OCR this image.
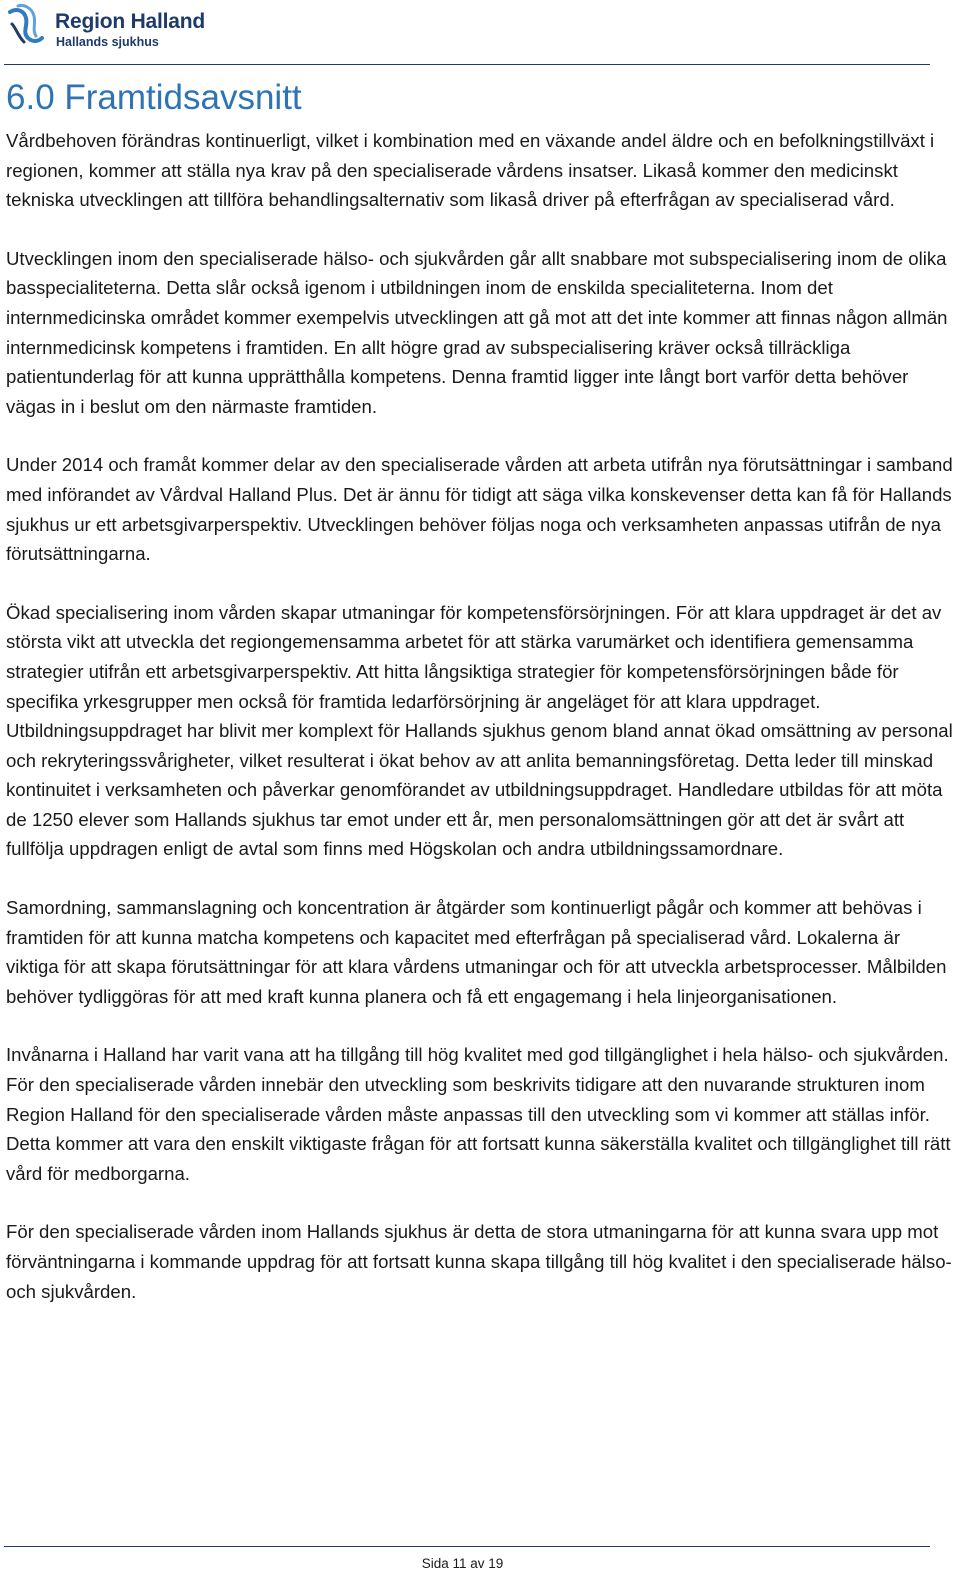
Region Halland
Hallands sjukhus
6.0 Framtidsavsnitt

Vårdbehoven förändras kontinuerligt, vilket i kombination med en växande andel äldre och en befolkningstillväxt i regionen, kommer att ställa nya krav på den specialiserade vårdens insatser. Likaså kommer den medicinskt tekniska utvecklingen att tillföra behandlingsalternativ som likaså driver på efterfrågan av specialiserad vård.

Utvecklingen inom den specialiserade hälso- och sjukvården går allt snabbare mot subspecialisering inom de olika basspecialiteterna. Detta slår också igenom i utbildningen inom de enskilda specialiteterna. Inom det internmedicinska området kommer exempelvis utvecklingen att gå mot att det inte kommer att finnas någon allmän internmedicinsk kompetens i framtiden. En allt högre grad av subspecialisering kräver också tillräckliga patientunderlag för att kunna upprätthålla kompetens. Denna framtid ligger inte långt bort varför detta behöver vägas in i beslut om den närmaste framtiden.

Under 2014 och framåt kommer delar av den specialiserade vården att arbeta utifrån nya förutsättningar i samband med införandet av Vårdval Halland Plus. Det är ännu för tidigt att säga vilka konskevenser detta kan få för Hallands sjukhus ur ett arbetsgivarperspektiv. Utvecklingen behöver följas noga och verksamheten anpassas utifrån de nya förutsättningarna.

Ökad specialisering inom vården skapar utmaningar för kompetensförsörjningen. För att klara uppdraget är det av största vikt att utveckla det regiongemensamma arbetet för att stärka varumärket och identifiera gemensamma strategier utifrån ett arbetsgivarperspektiv. Att hitta långsiktiga strategier för kompetensförsörjningen både för specifika yrkesgrupper men också för framtida ledarförsörjning är angeläget för att klara uppdraget.

Utbildningsuppdraget har blivit mer komplext för Hallands sjukhus genom bland annat ökad omsättning av personal och rekryteringssvårigheter, vilket resulterat i ökat behov av att anlita bemanningsföretag. Detta leder till minskad kontinuitet i verksamheten och påverkar genomförandet av utbildningsuppdraget. Handledare utbildas för att möta de 1250 elever som Hallands sjukhus tar emot under ett år, men personalomsättningen gör att det är svårt att fullfölja uppdragen enligt de avtal som finns med Högskolan och andra utbildningssamordnare.

Samordning, sammanslagning och koncentration är åtgärder som kontinuerligt pågår och kommer att behövas i framtiden för att kunna matcha kompetens och kapacitet med efterfrågan på specialiserad vård. Lokalerna är viktiga för att skapa förutsättningar för att klara vårdens utmaningar och för att utveckla arbetsprocesser. Målbilden behöver tydliggöras för att med kraft kunna planera och få ett engagemang i hela linjeorganisationen.

Invånarna i Halland har varit vana att ha tillgång till hög kvalitet med god tillgänglighet i hela hälso- och sjukvården. För den specialiserade vården innebär den utveckling som beskrivits tidigare att den nuvarande strukturen inom Region Halland för den specialiserade vården måste anpassas till den utveckling som vi kommer att ställas inför. Detta kommer att vara den enskilt viktigaste frågan för att fortsatt kunna säkerställa kvalitet och tillgänglighet till rätt vård för medborgarna.

För den specialiserade vården inom Hallands sjukhus är detta de stora utmaningarna för att kunna svara upp mot förväntningarna i kommande uppdrag för att fortsatt kunna skapa tillgång till hög kvalitet i den specialiserade hälso- och sjukvården.

Sida 11 av 19
